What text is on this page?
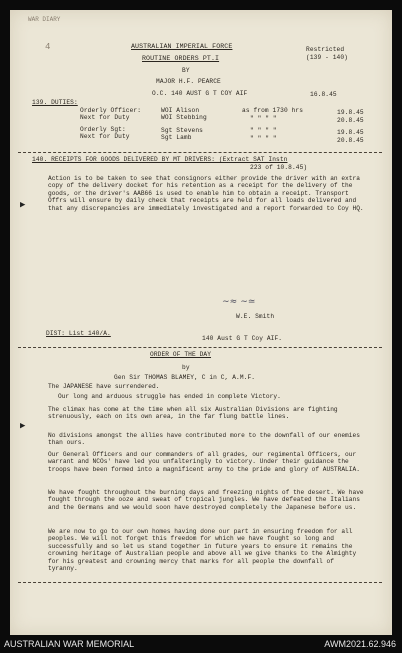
WAR DIARY
4	AUSTRALIAN IMPERIAL FORCE	Restricted
(139 - 140)
ROUTINE ORDERS PT.I
BY
MAJOR H.F. PEARCE
O.C. 140 AUST G T COY AIF	16.8.45
139. DUTIES:
Orderly Officer:	WOI Alison	as from 1730 hrs	19.8.45
Next for Duty	WOI Stebbing	" " " "	20.8.45
Orderly Sgt:	Sgt Stevens	" " " "	19.8.45
Next for Duty	Sgt Lamb	" " " "	20.8.45
140. RECEIPTS FOR GOODS DELIVERED BY MT DRIVERS: (Extract SAT Instn
223 of 10.8.45)
▶
Action is to be taken to see that consignors either provide the driver with an extra copy of the delivery docket for his retention as a receipt for the delivery of the goods, or the driver's AAB66 is used to enable him to obtain a receipt. Transport Offrs will ensure by daily check that receipts are held for all loads delivered and that any discrepancies are immediately investigated and a report forwarded to Coy HQ.
∼≈ ∼≃
W.E. Smith
DIST: List 140/A.
140 Aust G T Coy AIF.
ORDER OF THE DAY
by
Gen Sir THOMAS BLAMEY, C in C, A.M.F.
The JAPANESE have surrendered.
Our long and arduous struggle has ended in complete Victory.
▶
The climax has come at the time when all six Australian Divisions are fighting strenuously, each on its own area, in the far flung battle lines.
No divisions amongst the allies have contributed more to the downfall of our enemies than ours.
Our General Officers and our commanders of all grades, our regimental Officers, our warrant and NCOs' have led you unfalteringly to victory. Under their guidance the troops have been formed into a magnificent army to the pride and glory of AUSTRALIA.
We have fought throughout the burning days and freezing nights of the desert. We have fought through the ooze and sweat of tropical jungles. We have defeated the Italians and the Germans and we would soon have destroyed completely the Japanese before us.
We are now to go to our own homes having done our part in ensuring freedom for all peoples. We will not forget this freedom for which we have fought so long and successfully and so let us stand together in future years to ensure it remains the crowning heritage of Australian people and above all we give thanks to the Almighty for his greatest and crowning mercy that marks for all people the downfall of tyranny.
AUSTRALIAN WAR MEMORIAL	AWM2021.62.946
